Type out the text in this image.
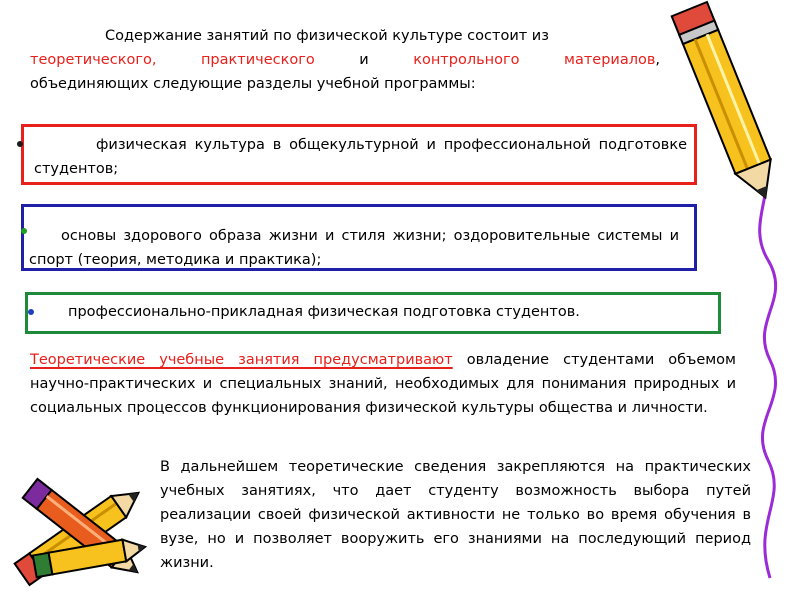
Содержание занятий по физической культуре состоит из
теоретического,	практического	и	контрольного	материалов,
объединяющих следующие разделы учебной программы:
физическая культура в общекультурной и профессиональной подготовке студентов;
основы здорового образа жизни и стиля жизни; оздоровительные системы и спорт (теория, методика и практика);
профессионально-прикладная физическая подготовка студентов.
Теоретические учебные занятия предусматривают овладение студентами объемом научно-практических и специальных знаний, необходимых для понимания природных и социальных процессов функционирования физической культуры общества и личности.
В дальнейшем теоретические сведения закрепляются на практических учебных занятиях, что дает студенту возможность выбора путей реализации своей физической активности не только во время обучения в вузе, но и позволяет вооружить его знаниями на последующий период жизни.
